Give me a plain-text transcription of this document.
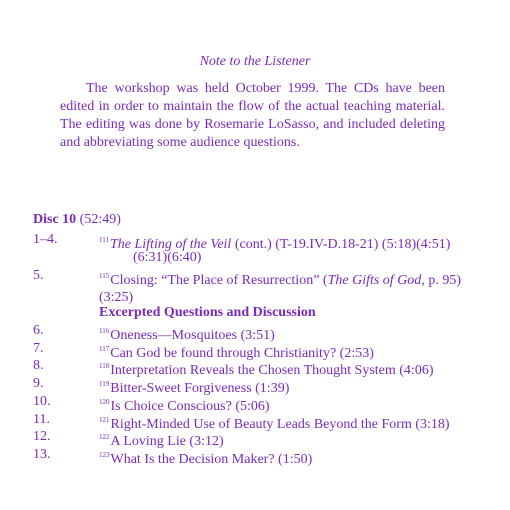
Note to the Listener
The workshop was held October 1999. The CDs have been edited in order to maintain the flow of the actual teaching material. The editing was done by Rosemarie LoSasso, and included deleting and abbreviating some audience questions.
Disc 10 (52:49)
1–4.	$^{111}$The Lifting of the Veil (cont.) (T-19.IV-D.18-21) (5:18)(4:51)
(6:31)(6:40)
5.	$^{115}$Closing: “The Place of Resurrection” (The Gifts of God, p. 95)
(3:25)
Excerpted Questions and Discussion
6.	$^{116}$Oneness—Mosquitoes (3:51)
7.	$^{117}$Can God be found through Christianity? (2:53)
8.	$^{118}$Interpretation Reveals the Chosen Thought System (4:06)
9.	$^{119}$Bitter-Sweet Forgiveness (1:39)
10.	$^{120}$Is Choice Conscious? (5:06)
11.	$^{121}$Right-Minded Use of Beauty Leads Beyond the Form (3:18)
12.	$^{122}$A Loving Lie (3:12)
13.	$^{123}$What Is the Decision Maker? (1:50)
